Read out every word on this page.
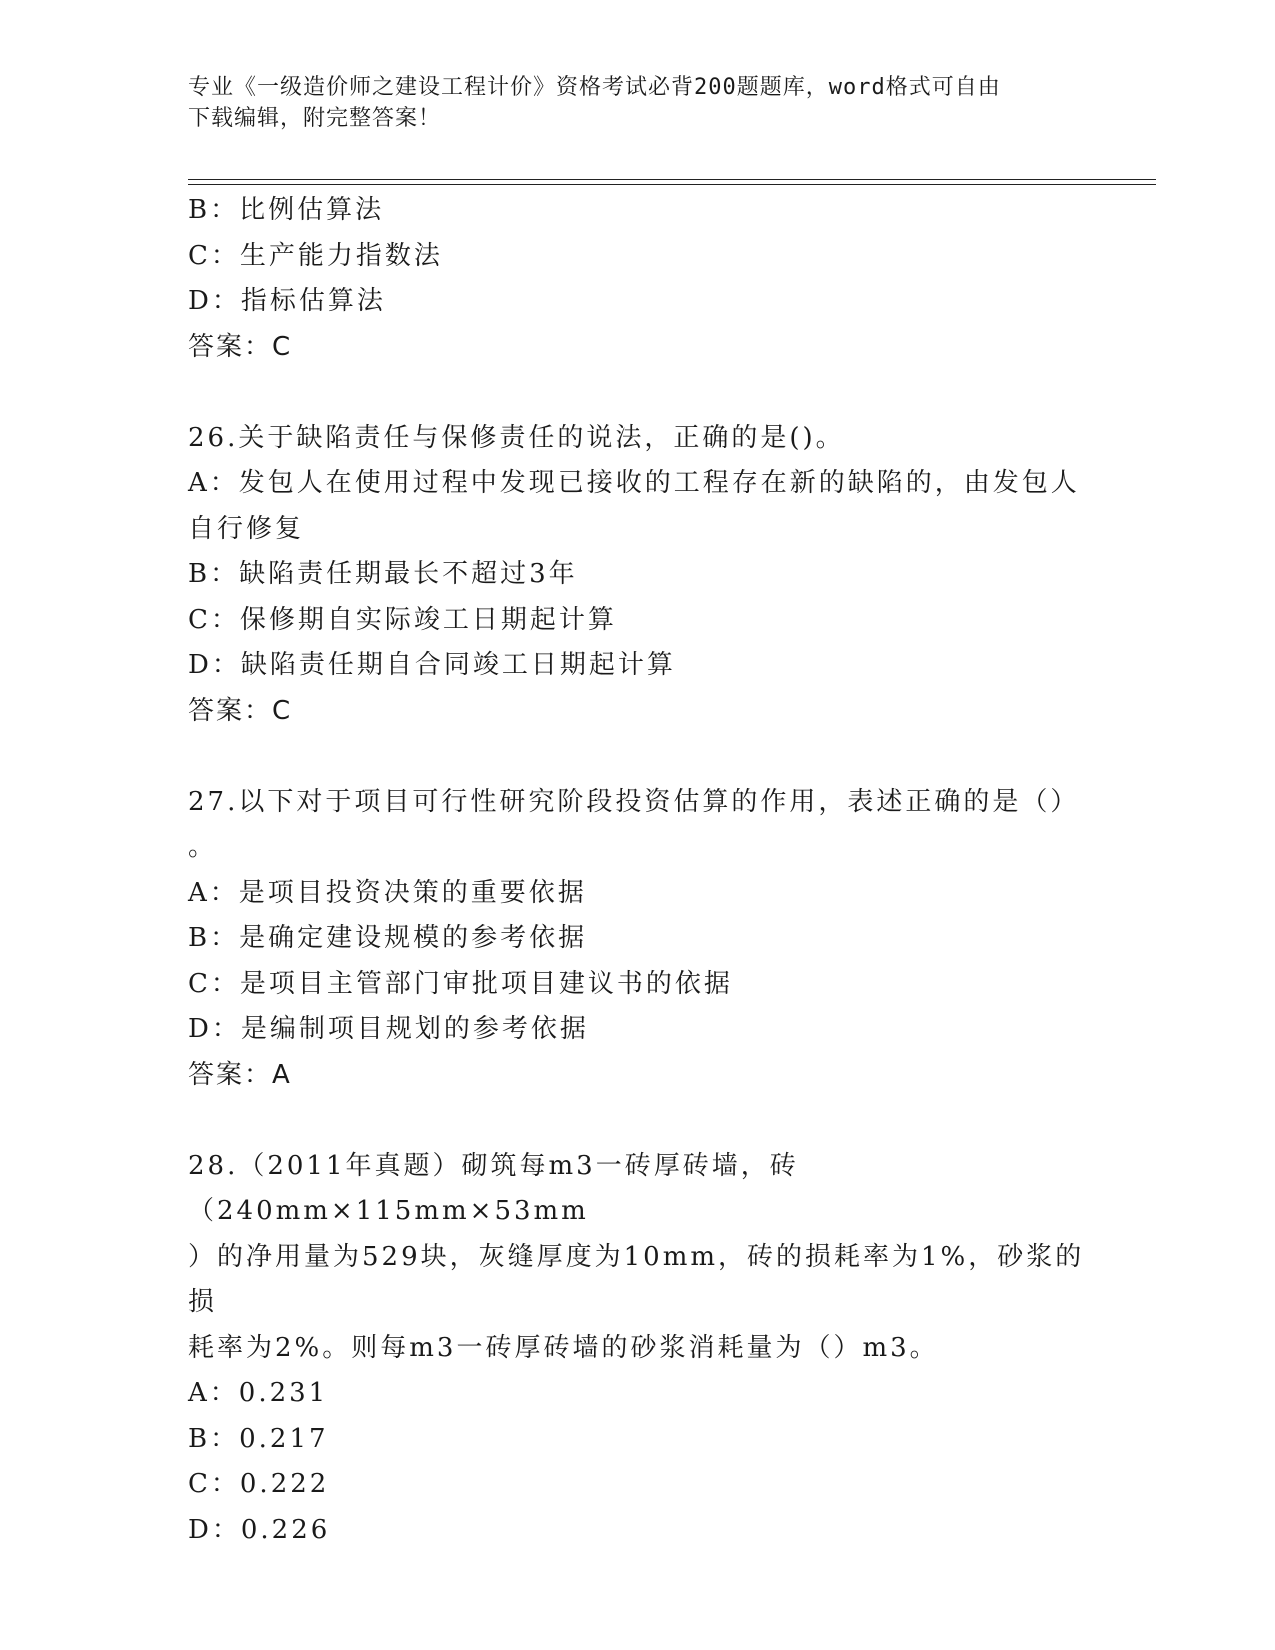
专业《一级造价师之建设工程计价》资格考试必背200题题库，word格式可自由
下载编辑，附完整答案！
B：比例估算法
C：生产能力指数法
D：指标估算法
答案：C
26.关于缺陷责任与保修责任的说法，正确的是()。
A：发包人在使用过程中发现已接收的工程存在新的缺陷的，由发包人
自行修复
B：缺陷责任期最长不超过3年
C：保修期自实际竣工日期起计算
D：缺陷责任期自合同竣工日期起计算
答案：C
27.以下对于项目可行性研究阶段投资估算的作用，表述正确的是（）
。
A：是项目投资决策的重要依据
B：是确定建设规模的参考依据
C：是项目主管部门审批项目建议书的依据
D：是编制项目规划的参考依据
答案：A
28.（2011年真题）砌筑每m3一砖厚砖墙，砖（240mm×115mm×53mm
）的净用量为529块，灰缝厚度为10mm，砖的损耗率为1%，砂浆的损
耗率为2%。则每m3一砖厚砖墙的砂浆消耗量为（）m3。
A：0.231
B：0.217
C：0.222
D：0.226
